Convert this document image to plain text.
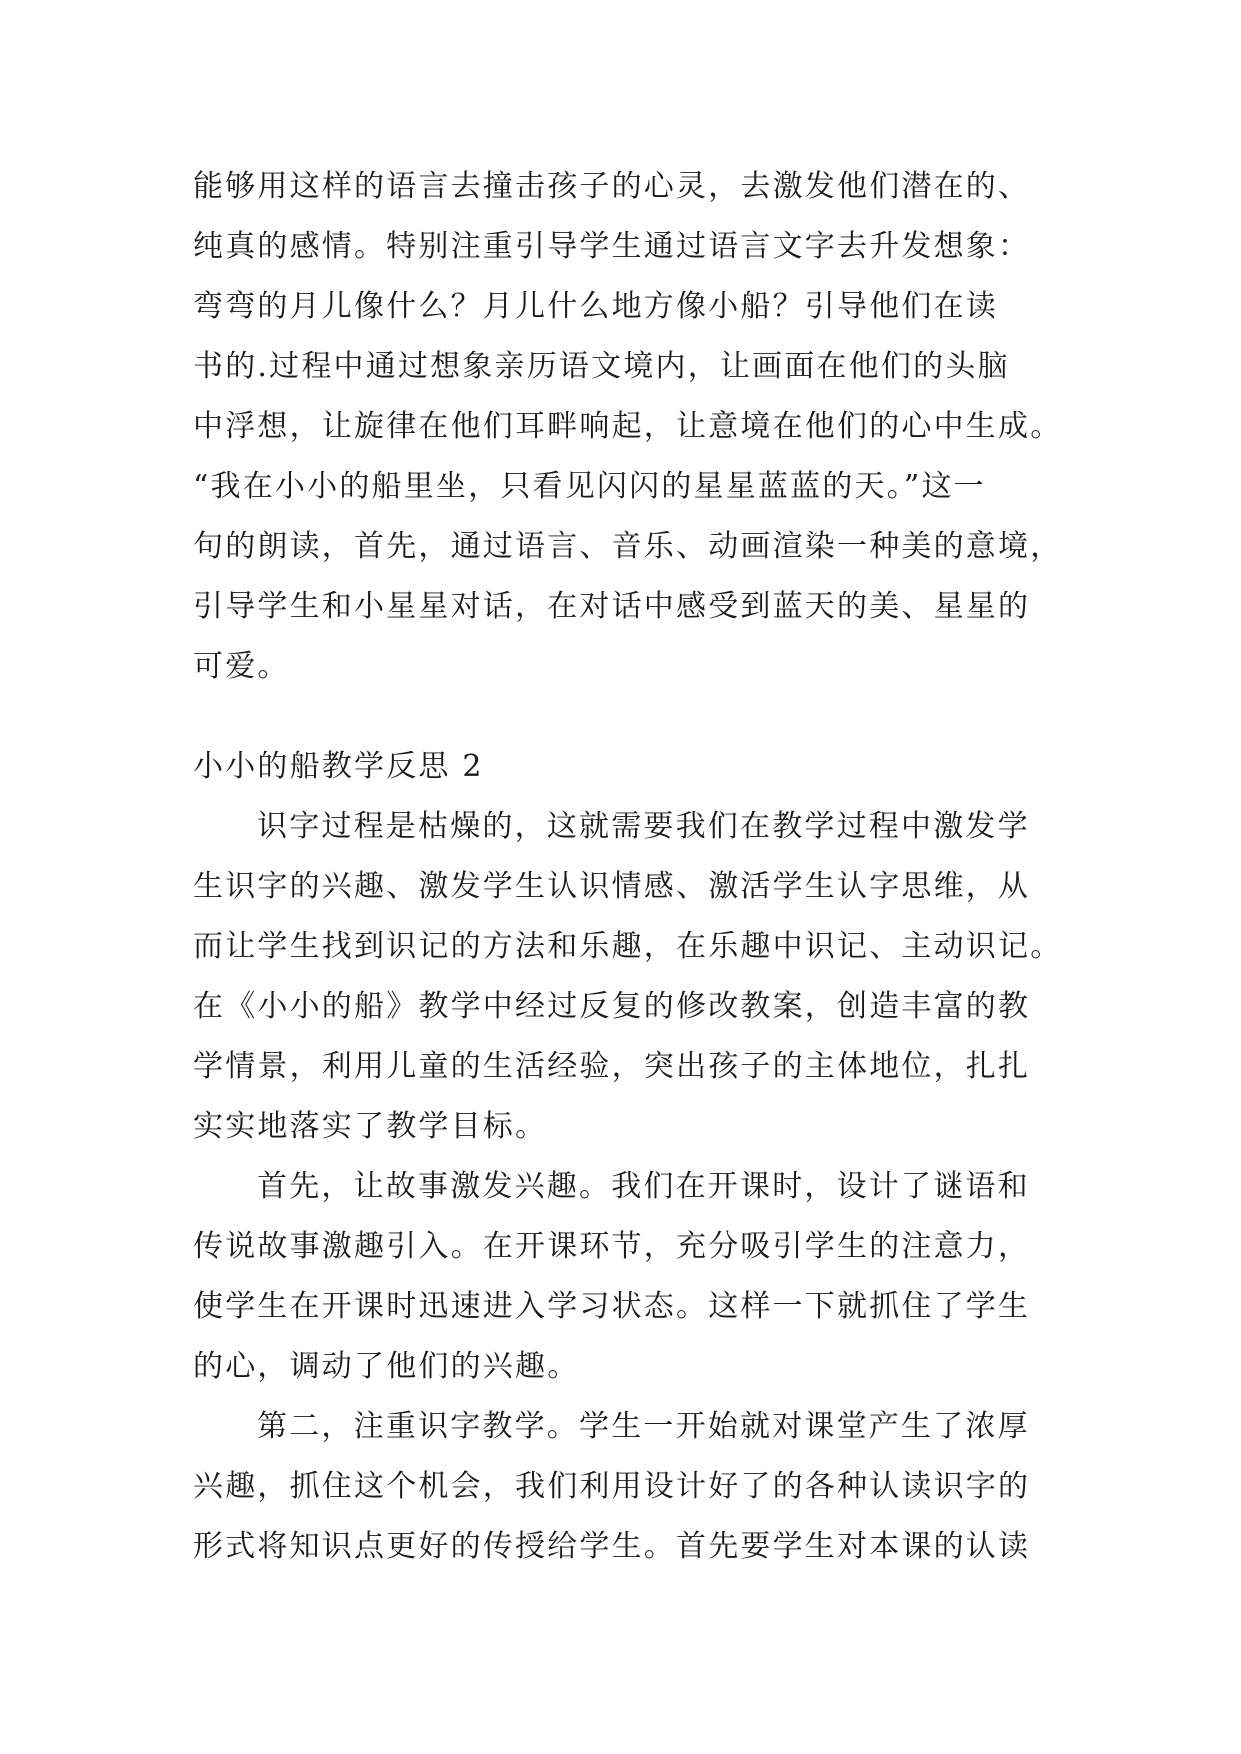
能够用这样的语言去撞击孩子的心灵，去激发他们潜在的、
纯真的感情。特别注重引导学生通过语言文字去升发想象：
弯弯的月儿像什么？月儿什么地方像小船？引导他们在读
书的.过程中通过想象亲历语文境内，让画面在他们的头脑
中浮想，让旋律在他们耳畔响起，让意境在他们的心中生成。
“我在小小的船里坐，只看见闪闪的星星蓝蓝的天。”这一
句的朗读，首先，通过语言、音乐、动画渲染一种美的意境，
引导学生和小星星对话，在对话中感受到蓝天的美、星星的
可爱。
小小的船教学反思 2
识字过程是枯燥的，这就需要我们在教学过程中激发学
生识字的兴趣、激发学生认识情感、激活学生认字思维，从
而让学生找到识记的方法和乐趣，在乐趣中识记、主动识记。
在《小小的船》教学中经过反复的修改教案，创造丰富的教
学情景，利用儿童的生活经验，突出孩子的主体地位，扎扎
实实地落实了教学目标。
首先，让故事激发兴趣。我们在开课时，设计了谜语和
传说故事激趣引入。在开课环节，充分吸引学生的注意力，
使学生在开课时迅速进入学习状态。这样一下就抓住了学生
的心，调动了他们的兴趣。
第二，注重识字教学。学生一开始就对课堂产生了浓厚
兴趣，抓住这个机会，我们利用设计好了的各种认读识字的
形式将知识点更好的传授给学生。首先要学生对本课的认读
